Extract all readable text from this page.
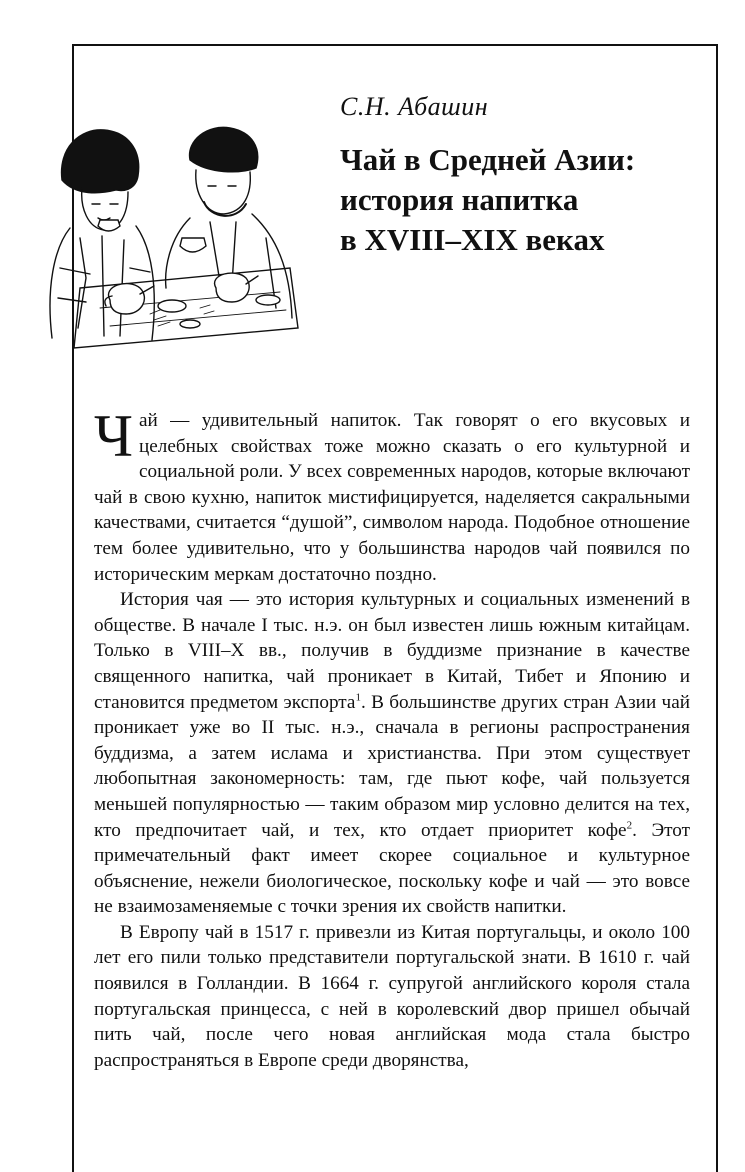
С.Н. Абашин
Чай в Средней Азии:
история напитка
в XVIII–XIX веках

Чай — удивительный напиток. Так говорят о его вкусовых и целебных свойствах тоже можно сказать о его культурной и социальной роли. У всех современных народов, которые включают чай в свою кухню, напиток мистифицируется, наделяется сакральными качествами, считается “душой”, символом народа. Подобное отношение тем более удивительно, что у большинства народов чай появился по историческим меркам достаточно поздно.

История чая — это история культурных и социальных изменений в обществе. В начале I тыс. н.э. он был известен лишь южным китайцам. Только в VIII–X вв., получив в буддизме признание в качестве священного напитка, чай проникает в Китай, Тибет и Японию и становится предметом экспорта$^1$. В большинстве других стран Азии чай проникает уже во II тыс. н.э., сначала в регионы распространения буддизма, а затем ислама и христианства. При этом существует любопытная закономерность: там, где пьют кофе, чай пользуется меньшей популярностью — таким образом мир условно делится на тех, кто предпочитает чай, и тех, кто отдает приоритет кофе$^2$. Этот примечательный факт имеет скорее социальное и культурное объяснение, нежели биологическое, поскольку кофе и чай — это вовсе не взаимозаменяемые с точки зрения их свойств напитки.

В Европу чай в 1517 г. привезли из Китая португальцы, и около 100 лет его пили только представители португальской знати. В 1610 г. чай появился в Голландии. В 1664 г. супругой английского короля стала португальская принцесса, с ней в королевский двор пришел обычай пить чай, после чего новая английская мода стала быстро распространяться в Европе среди дворянства,
